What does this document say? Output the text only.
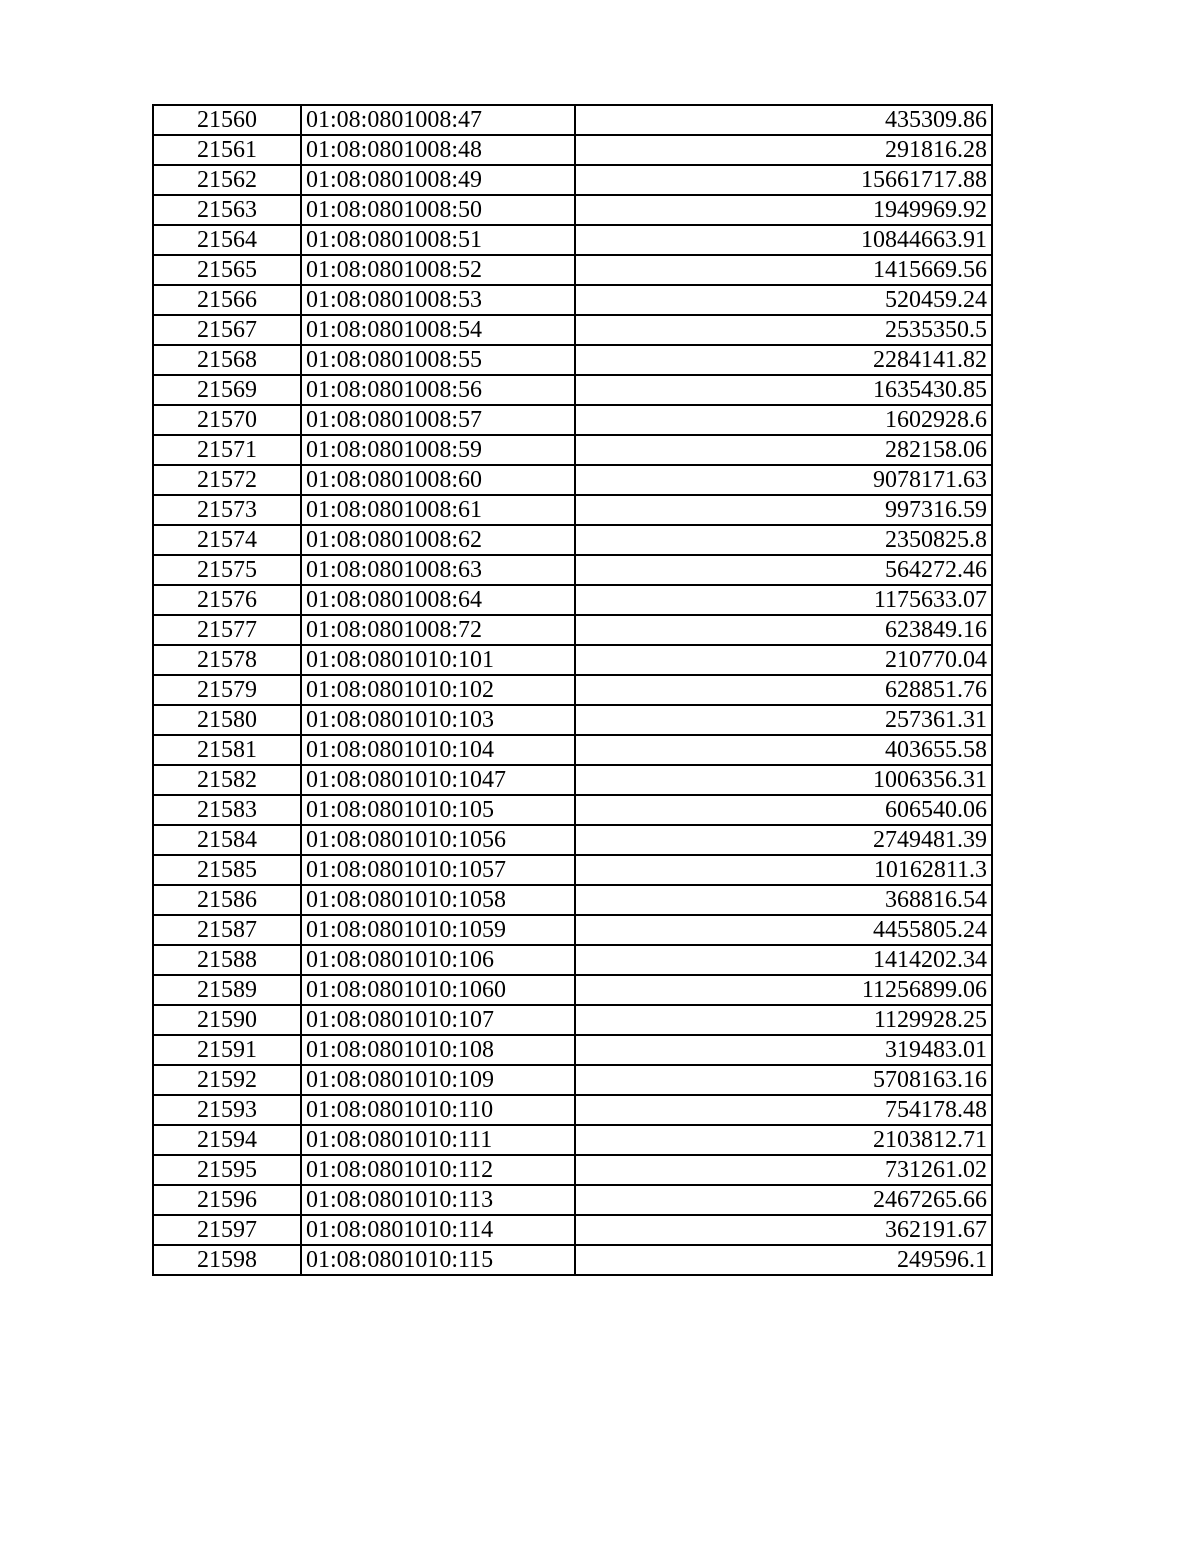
21560	01:08:0801008:47	435309.86
21561	01:08:0801008:48	291816.28
21562	01:08:0801008:49	15661717.88
21563	01:08:0801008:50	1949969.92
21564	01:08:0801008:51	10844663.91
21565	01:08:0801008:52	1415669.56
21566	01:08:0801008:53	520459.24
21567	01:08:0801008:54	2535350.5
21568	01:08:0801008:55	2284141.82
21569	01:08:0801008:56	1635430.85
21570	01:08:0801008:57	1602928.6
21571	01:08:0801008:59	282158.06
21572	01:08:0801008:60	9078171.63
21573	01:08:0801008:61	997316.59
21574	01:08:0801008:62	2350825.8
21575	01:08:0801008:63	564272.46
21576	01:08:0801008:64	1175633.07
21577	01:08:0801008:72	623849.16
21578	01:08:0801010:101	210770.04
21579	01:08:0801010:102	628851.76
21580	01:08:0801010:103	257361.31
21581	01:08:0801010:104	403655.58
21582	01:08:0801010:1047	1006356.31
21583	01:08:0801010:105	606540.06
21584	01:08:0801010:1056	2749481.39
21585	01:08:0801010:1057	10162811.3
21586	01:08:0801010:1058	368816.54
21587	01:08:0801010:1059	4455805.24
21588	01:08:0801010:106	1414202.34
21589	01:08:0801010:1060	11256899.06
21590	01:08:0801010:107	1129928.25
21591	01:08:0801010:108	319483.01
21592	01:08:0801010:109	5708163.16
21593	01:08:0801010:110	754178.48
21594	01:08:0801010:111	2103812.71
21595	01:08:0801010:112	731261.02
21596	01:08:0801010:113	2467265.66
21597	01:08:0801010:114	362191.67
21598	01:08:0801010:115	249596.1
